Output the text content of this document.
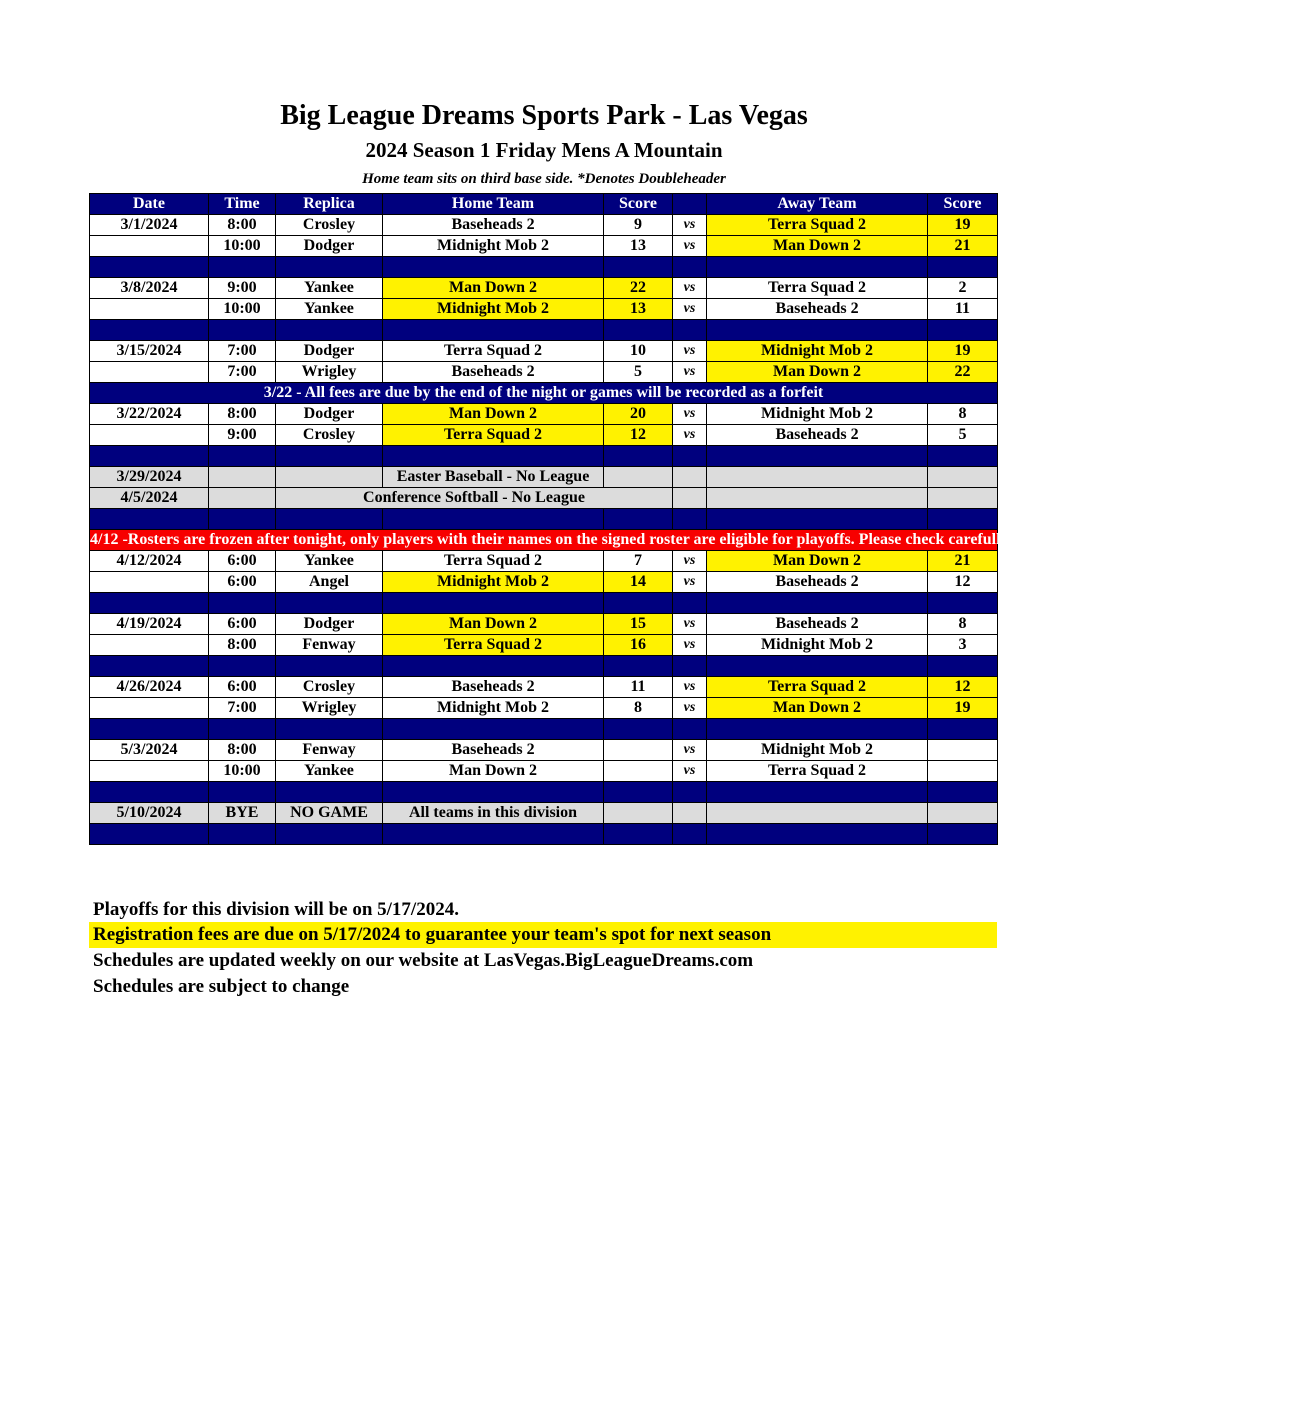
Big League Dreams Sports Park - Las Vegas
2024 Season 1 Friday Mens A Mountain
Home team sits on third base side. *Denotes Doubleheader
Date	Time	Replica	Home Team	Score		Away Team	Score
3/1/2024	8:00	Crosley	Baseheads 2	9	vs	Terra Squad 2	19
	10:00	Dodger	Midnight Mob 2	13	vs	Man Down 2	21

3/8/2024	9:00	Yankee	Man Down 2	22	vs	Terra Squad 2	2
	10:00	Yankee	Midnight Mob 2	13	vs	Baseheads 2	11

3/15/2024	7:00	Dodger	Terra Squad 2	10	vs	Midnight Mob 2	19
	7:00	Wrigley	Baseheads 2	5	vs	Man Down 2	22
3/22 - All fees are due by the end of the night or games will be recorded as a forfeit							
3/22/2024	8:00	Dodger	Man Down 2	20	vs	Midnight Mob 2	8
	9:00	Crosley	Terra Squad 2	12	vs	Baseheads 2	5

3/29/2024			Easter Baseball - No League				
4/5/2024		Conference Softball - No League					

4/12 -Rosters are frozen after tonight, only players with their names on the signed roster are eligible for playoffs. Please check carefully as changes will not be made for omissions.							
4/12/2024	6:00	Yankee	Terra Squad 2	7	vs	Man Down 2	21
	6:00	Angel	Midnight Mob 2	14	vs	Baseheads 2	12

4/19/2024	6:00	Dodger	Man Down 2	15	vs	Baseheads 2	8
	8:00	Fenway	Terra Squad 2	16	vs	Midnight Mob 2	3

4/26/2024	6:00	Crosley	Baseheads 2	11	vs	Terra Squad 2	12
	7:00	Wrigley	Midnight Mob 2	8	vs	Man Down 2	19

5/3/2024	8:00	Fenway	Baseheads 2		vs	Midnight Mob 2	
	10:00	Yankee	Man Down 2		vs	Terra Squad 2	

5/10/2024	BYE	NO GAME	All teams in this division				

Playoffs for this division will be on 5/17/2024.
Registration fees are due on 5/17/2024 to guarantee your team's spot for next season
Schedules are updated weekly on our website at LasVegas.BigLeagueDreams.com
Schedules are subject to change
